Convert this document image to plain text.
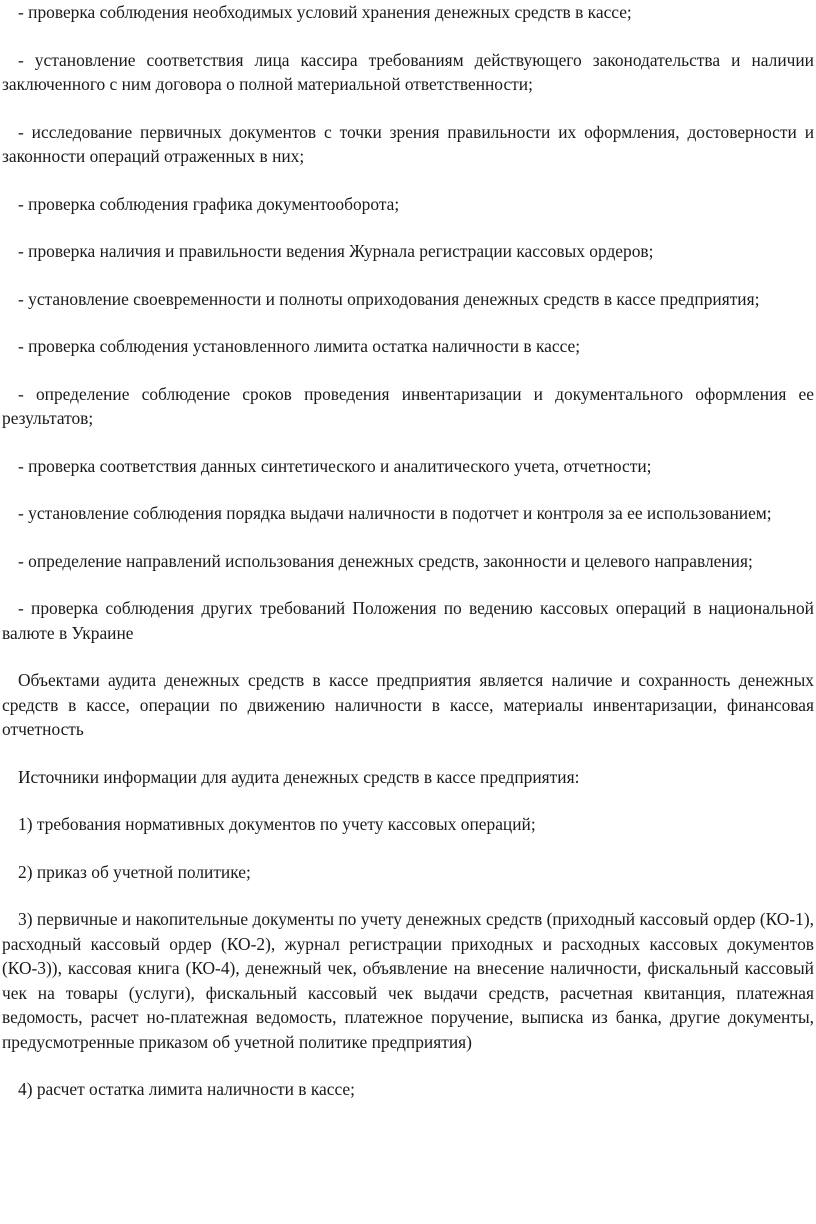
- проверка соблюдения необходимых условий хранения денежных средств в кассе;

- установление соответствия лица кассира требованиям действующего законодательства и наличии заключенного с ним договора о полной материальной ответственности;

- исследование первичных документов с точки зрения правильности их оформления, достоверности и законности операций отраженных в них;

- проверка соблюдения графика документооборота;

- проверка наличия и правильности ведения Журнала регистрации кассовых ордеров;

- установление своевременности и полноты оприходования денежных средств в кассе предприятия;

- проверка соблюдения установленного лимита остатка наличности в кассе;

- определение соблюдение сроков проведения инвентаризации и документального оформления ее результатов;

- проверка соответствия данных синтетического и аналитического учета, отчетности;

- установление соблюдения порядка выдачи наличности в подотчет и контроля за ее использованием;

- определение направлений использования денежных средств, законности и целевого направления;

- проверка соблюдения других требований Положения по ведению кассовых операций в национальной валюте в Украине

Объектами аудита денежных средств в кассе предприятия является наличие и сохранность денежных средств в кассе, операции по движению наличности в кассе, материалы инвентаризации, финансовая отчетность

Источники информации для аудита денежных средств в кассе предприятия:

1) требования нормативных документов по учету кассовых операций;

2) приказ об учетной политике;

3) первичные и накопительные документы по учету денежных средств (приходный кассовый ордер (КО-1), расходный кассовый ордер (КО-2), журнал регистрации приходных и расходных кассовых документов (КО-3)), кассовая книга (КО-4), денежный чек, объявление на внесение наличности, фискальный кассовый чек на товары (услуги), фискальный кассовый чек выдачи средств, расчетная квитанция, платежная ведомость, расчет но-платежная ведомость, платежное поручение, выписка из банка, другие документы, предусмотренные приказом об учетной политике предприятия)

4) расчет остатка лимита наличности в кассе;
